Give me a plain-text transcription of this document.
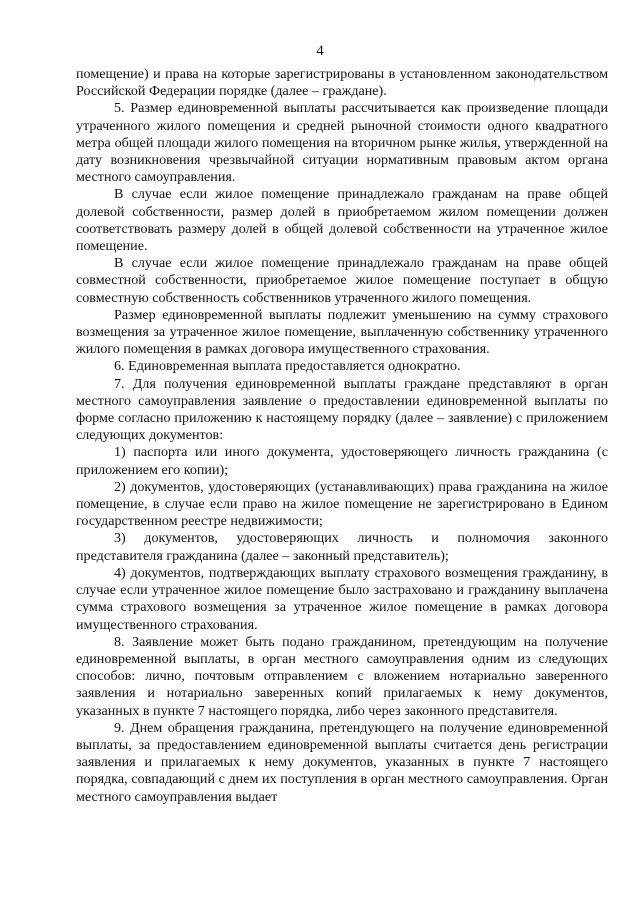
4

помещение) и права на которые зарегистрированы в установленном законодательством Российской Федерации порядке (далее – граждане).

5. Размер единовременной выплаты рассчитывается как произведение площади утраченного жилого помещения и средней рыночной стоимости одного квадратного метра общей площади жилого помещения на вторичном рынке жилья, утвержденной на дату возникновения чрезвычайной ситуации нормативным правовым актом органа местного самоуправления.

В случае если жилое помещение принадлежало гражданам на праве общей долевой собственности, размер долей в приобретаемом жилом помещении должен соответствовать размеру долей в общей долевой собственности на утраченное жилое помещение.

В случае если жилое помещение принадлежало гражданам на праве общей совместной собственности, приобретаемое жилое помещение поступает в общую совместную собственность собственников утраченного жилого помещения.

Размер единовременной выплаты подлежит уменьшению на сумму страхового возмещения за утраченное жилое помещение, выплаченную собственнику утраченного жилого помещения в рамках договора имущественного страхования.

6. Единовременная выплата предоставляется однократно.

7. Для получения единовременной выплаты граждане представляют в орган местного самоуправления заявление о предоставлении единовременной выплаты по форме согласно приложению к настоящему порядку (далее – заявление) с приложением следующих документов:

1) паспорта или иного документа, удостоверяющего личность гражданина (с приложением его копии);

2) документов, удостоверяющих (устанавливающих) права гражданина на жилое помещение, в случае если право на жилое помещение не зарегистрировано в Едином государственном реестре недвижимости;

3) документов, удостоверяющих личность и полномочия законного представителя гражданина (далее – законный представитель);

4) документов, подтверждающих выплату страхового возмещения гражданину, в случае если утраченное жилое помещение было застраховано и гражданину выплачена сумма страхового возмещения за утраченное жилое помещение в рамках договора имущественного страхования.

8. Заявление может быть подано гражданином, претендующим на получение единовременной выплаты, в орган местного самоуправления одним из следующих способов: лично, почтовым отправлением с вложением нотариально заверенного заявления и нотариально заверенных копий прилагаемых к нему документов, указанных в пункте 7 настоящего порядка, либо через законного представителя.

9. Днем обращения гражданина, претендующего на получение единовременной выплаты, за предоставлением единовременной выплаты считается день регистрации заявления и прилагаемых к нему документов, указанных в пункте 7 настоящего порядка, совпадающий с днем их поступления в орган местного самоуправления. Орган местного самоуправления выдает
